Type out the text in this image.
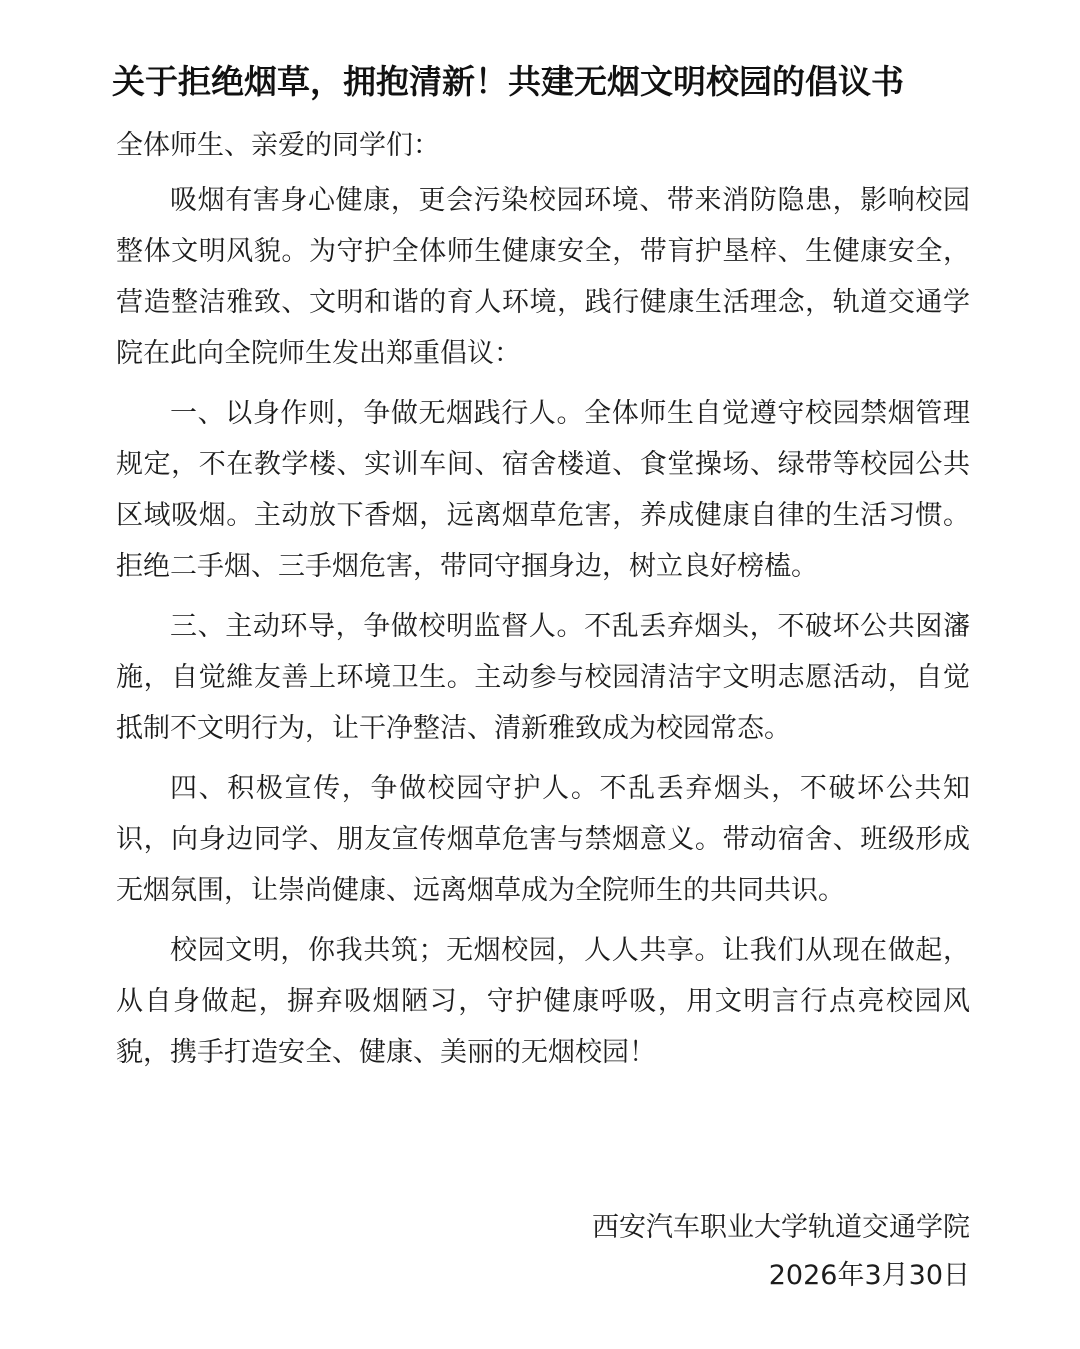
关于拒绝烟草，拥抱清新！共建无烟文明校园的倡议书

全体师生、亲爱的同学们：

吸烟有害身心健康，更会污染校园环境、带来消防隐患，影响校园整体文明风貌。为守护全体师生健康安全，带肓护垦梓、生健康安全，营造整洁雅致、文明和谐的育人环境，践行健康生活理念，轨道交通学院在此向全院师生发出郑重倡议：

一、以身作则，争做无烟践行人。全体师生自觉遵守校园禁烟管理规定，不在教学楼、实训车间、宿舍楼道、食堂操场、绿带等校园公共区域吸烟。主动放下香烟，远离烟草危害，养成健康自律的生活习惯。拒绝二手烟、三手烟危害，带同守掴身边，树立良好榜榼。

三、主动环导，争做校明监督人。不乱丢弃烟头，不破坏公共囡瀋施，自觉維友善上环境卫生。主动参与校园清洁宇文明志愿活动，自觉抵制不文明行为，让干净整洁、清新雅致成为校园常态。

四、积极宣传，争做校园守护人。不乱丢弃烟头，不破坏公共知识，向身边同学、朋友宣传烟草危害与禁烟意义。带动宿舍、班级形成无烟氛围，让崇尚健康、远离烟草成为全院师生的共同共识。

校园文明，你我共筑；无烟校园，人人共享。让我们从现在做起，从自身做起，摒弃吸烟陋习，守护健康呼吸，用文明言行点亮校园风貌，携手打造安全、健康、美丽的无烟校园！

西安汽车职业大学轨道交通学院
2026年3月30日
